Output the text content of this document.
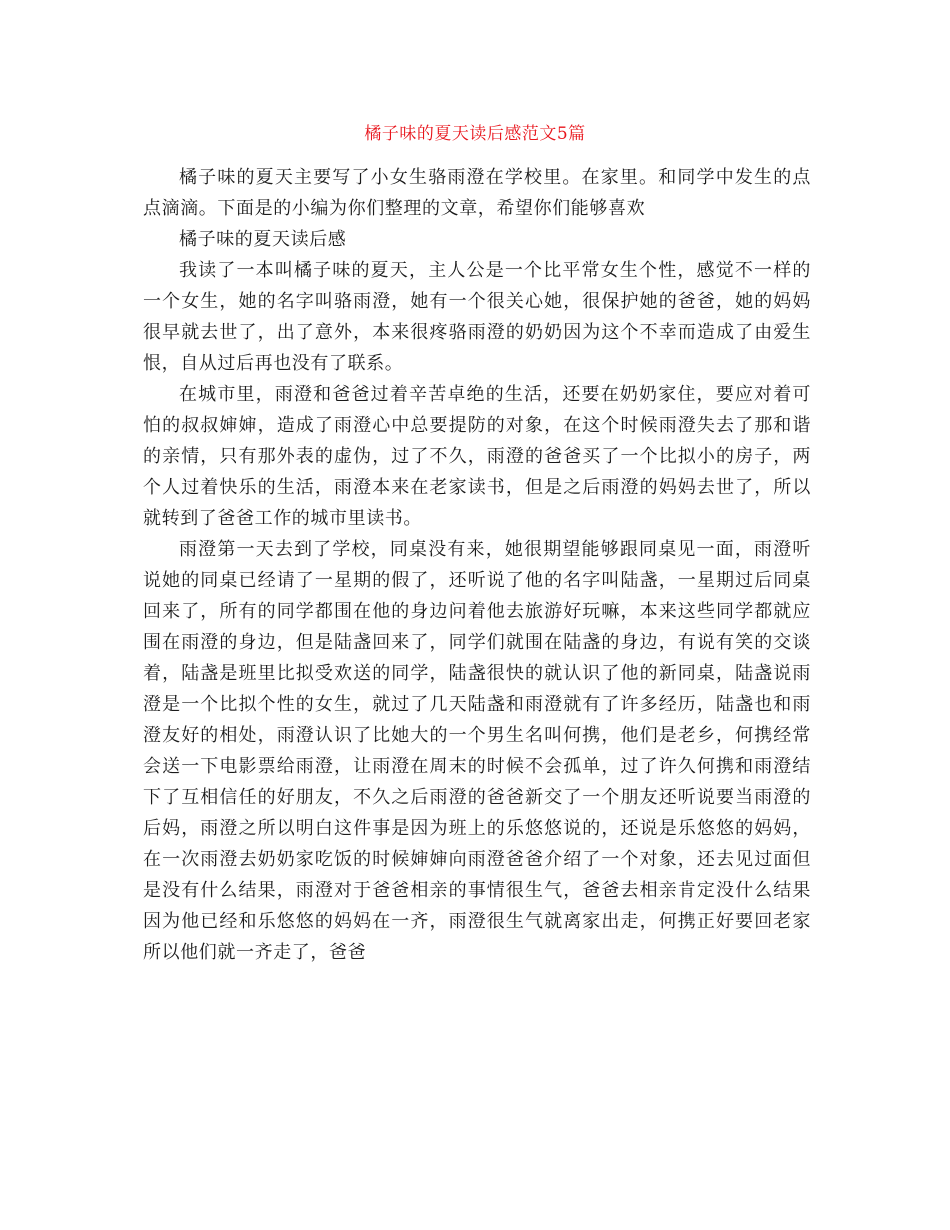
橘子味的夏天读后感范文5篇

橘子味的夏天主要写了小女生骆雨澄在学校里。在家里。和同学中发生的点点滴滴。下面是的小编为你们整理的文章，希望你们能够喜欢

橘子味的夏天读后感

我读了一本叫橘子味的夏天，主人公是一个比平常女生个性，感觉不一样的一个女生，她的名字叫骆雨澄，她有一个很关心她，很保护她的爸爸，她的妈妈很早就去世了，出了意外，本来很疼骆雨澄的奶奶因为这个不幸而造成了由爱生恨，自从过后再也没有了联系。

在城市里，雨澄和爸爸过着辛苦卓绝的生活，还要在奶奶家住，要应对着可怕的叔叔婶婶，造成了雨澄心中总要提防的对象，在这个时候雨澄失去了那和谐的亲情，只有那外表的虚伪，过了不久，雨澄的爸爸买了一个比拟小的房子，两个人过着快乐的生活，雨澄本来在老家读书，但是之后雨澄的妈妈去世了，所以就转到了爸爸工作的城市里读书。

雨澄第一天去到了学校，同桌没有来，她很期望能够跟同桌见一面，雨澄听说她的同桌已经请了一星期的假了，还听说了他的名字叫陆盏，一星期过后同桌回来了，所有的同学都围在他的身边问着他去旅游好玩嘛，本来这些同学都就应围在雨澄的身边，但是陆盏回来了，同学们就围在陆盏的身边，有说有笑的交谈着，陆盏是班里比拟受欢送的同学，陆盏很快的就认识了他的新同桌，陆盏说雨澄是一个比拟个性的女生，就过了几天陆盏和雨澄就有了许多经历，陆盏也和雨澄友好的相处，雨澄认识了比她大的一个男生名叫何携，他们是老乡，何携经常会送一下电影票给雨澄，让雨澄在周末的时候不会孤单，过了许久何携和雨澄结下了互相信任的好朋友，不久之后雨澄的爸爸新交了一个朋友还听说要当雨澄的后妈，雨澄之所以明白这件事是因为班上的乐悠悠说的，还说是乐悠悠的妈妈，在一次雨澄去奶奶家吃饭的时候婶婶向雨澄爸爸介绍了一个对象，还去见过面但是没有什么结果，雨澄对于爸爸相亲的事情很生气，爸爸去相亲肯定没什么结果因为他已经和乐悠悠的妈妈在一齐，雨澄很生气就离家出走，何携正好要回老家所以他们就一齐走了，爸爸
